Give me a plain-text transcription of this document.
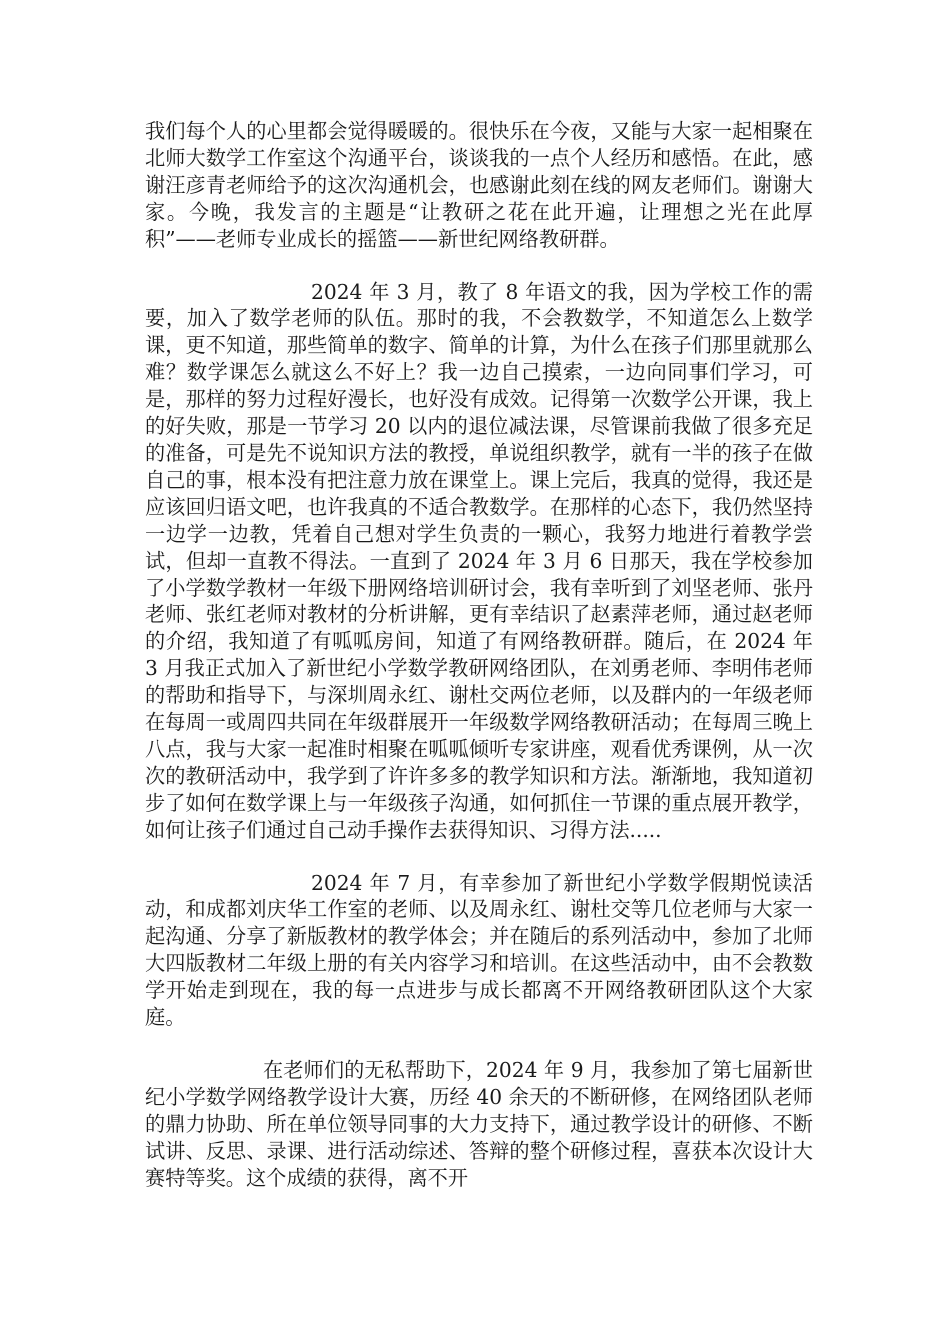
我们每个人的心里都会觉得暖暖的。很快乐在今夜，又能与大家一起相聚在北师大数学工作室这个沟通平台，谈谈我的一点个人经历和感悟。在此，感谢汪彦青老师给予的这次沟通机会，也感谢此刻在线的网友老师们。谢谢大家。今晚，我发言的主题是“让教研之花在此开遍，让理想之光在此厚积”——老师专业成长的摇篮——新世纪网络教研群。

2024 年 3 月，教了 8 年语文的我，因为学校工作的需要，加入了数学老师的队伍。那时的我，不会教数学，不知道怎么上数学课，更不知道，那些简单的数字、简单的计算，为什么在孩子们那里就那么难？数学课怎么就这么不好上？我一边自己摸索，一边向同事们学习，可是，那样的努力过程好漫长，也好没有成效。记得第一次数学公开课，我上的好失败，那是一节学习 20 以内的退位减法课，尽管课前我做了很多充足的准备，可是先不说知识方法的教授，单说组织教学，就有一半的孩子在做自己的事，根本没有把注意力放在课堂上。课上完后，我真的觉得，我还是应该回归语文吧，也许我真的不适合教数学。在那样的心态下，我仍然坚持一边学一边教，凭着自己想对学生负责的一颗心，我努力地进行着教学尝试，但却一直教不得法。一直到了 2024 年 3 月 6 日那天，我在学校参加了小学数学教材一年级下册网络培训研讨会，我有幸听到了刘坚老师、张丹老师、张红老师对教材的分析讲解，更有幸结识了赵素萍老师，通过赵老师的介绍，我知道了有呱呱房间，知道了有网络教研群。随后，在 2024 年 3 月我正式加入了新世纪小学数学教研网络团队，在刘勇老师、李明伟老师的帮助和指导下，与深圳周永红、谢杜交两位老师，以及群内的一年级老师在每周一或周四共同在年级群展开一年级数学网络教研活动；在每周三晚上八点，我与大家一起准时相聚在呱呱倾听专家讲座，观看优秀课例，从一次次的教研活动中，我学到了许许多多的教学知识和方法。渐渐地，我知道初步了如何在数学课上与一年级孩子沟通，如何抓住一节课的重点展开教学，如何让孩子们通过自己动手操作去获得知识、习得方法.....

2024 年 7 月，有幸参加了新世纪小学数学假期悦读活动，和成都刘庆华工作室的老师、以及周永红、谢杜交等几位老师与大家一起沟通、分享了新版教材的教学体会；并在随后的系列活动中，参加了北师大四版教材二年级上册的有关内容学习和培训。在这些活动中，由不会教数学开始走到现在，我的每一点进步与成长都离不开网络教研团队这个大家庭。

在老师们的无私帮助下，2024 年 9 月，我参加了第七届新世纪小学数学网络教学设计大赛，历经 40 余天的不断研修，在网络团队老师的鼎力协助、所在单位领导同事的大力支持下，通过教学设计的研修、不断试讲、反思、录课、进行活动综述、答辩的整个研修过程，喜获本次设计大赛特等奖。这个成绩的获得，离不开
